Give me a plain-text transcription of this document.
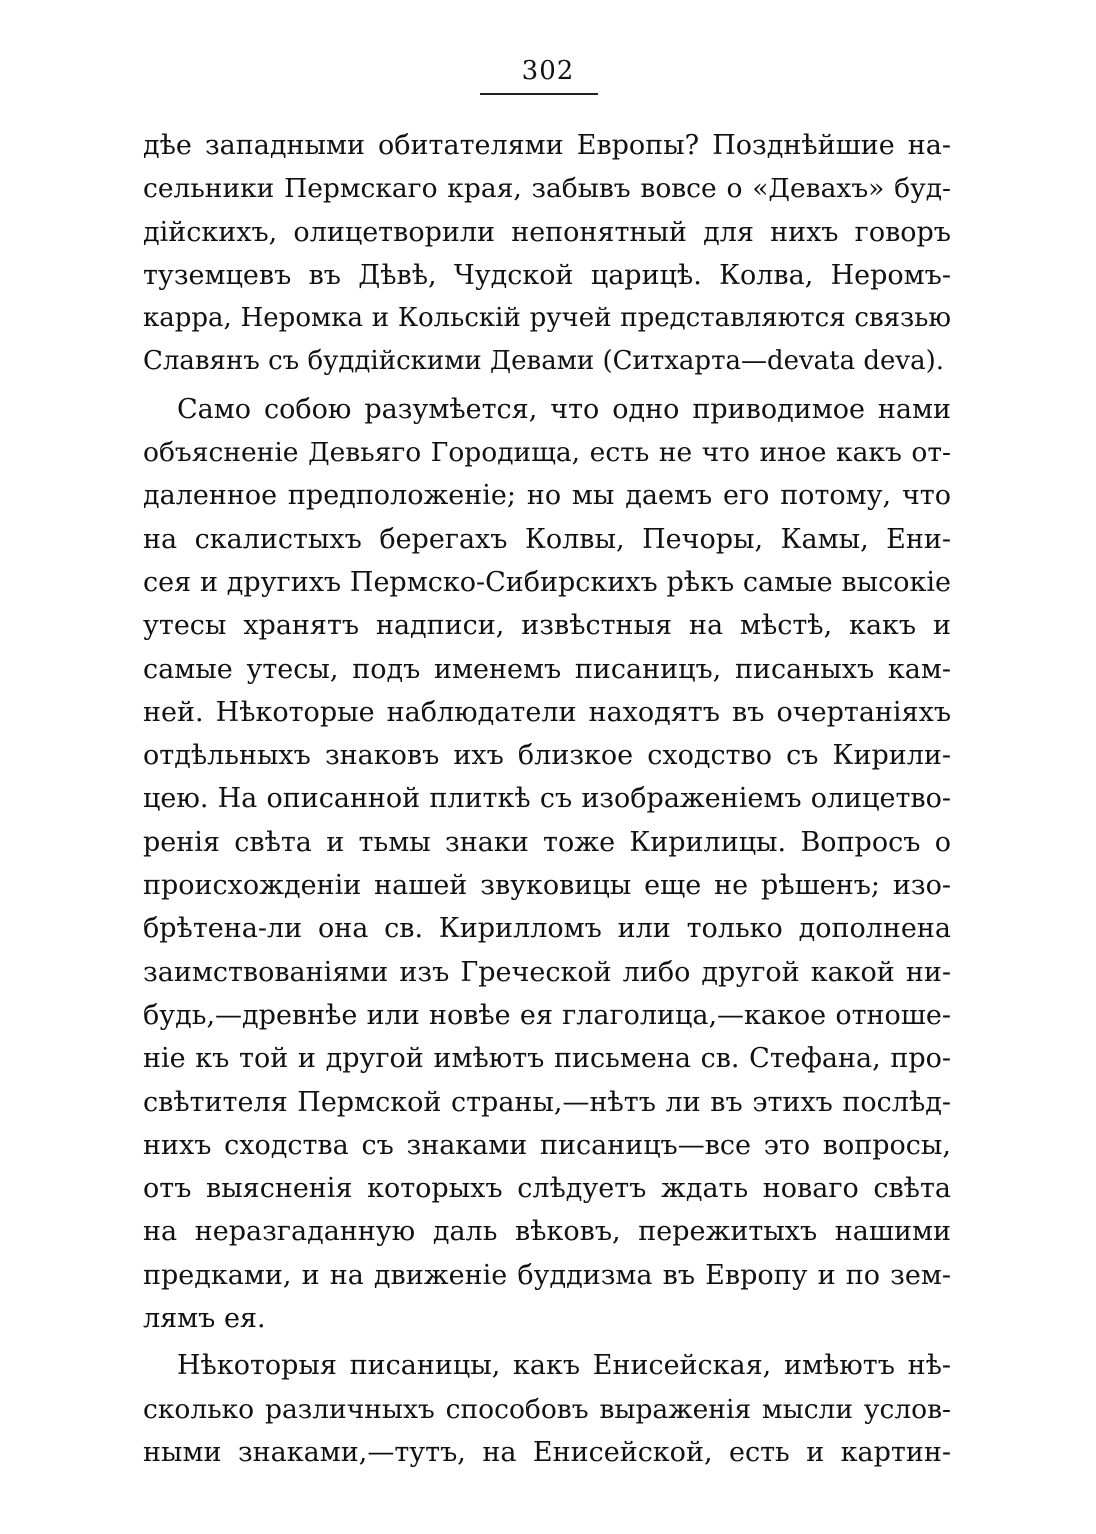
302
дѣе западными обитателями Европы? Позднѣйшие на-
сельники Пермскаго края, забывъ вовсе о «Девахъ» буд-
дійскихъ, олицетворили непонятный для нихъ говоръ
туземцевъ въ Дѣвѣ, Чудской царицѣ. Колва, Нeромъ-
карра, Нeромка и Кольскій ручей представляются связью
Славянъ съ буддійскими Девами (Ситхарта—devata deva).
Само собою разумѣется, что одно приводимое нами
объясненіе Девьяго Городища, есть не что иное какъ от-
даленное предположеніе; но мы даемъ его потому, что
на скалистыхъ берегахъ Колвы, Печоры, Камы, Ени-
сея и другихъ Пермско-Сибирскихъ рѣкъ самые высокіе
утесы хранятъ надписи, извѣстныя на мѣстѣ, какъ и
самые утесы, подъ именемъ писаницъ, писаныхъ кам-
ней. Нѣкоторые наблюдатели находятъ въ очертаніяхъ
отдѣльныхъ знаковъ ихъ близкое сходство съ Кирили-
цею. На описанной плиткѣ съ изображеніемъ олицетво-
ренія свѣта и тьмы знаки тоже Кирилицы. Вопросъ о
происхожденіи нашей звуковицы еще не рѣшенъ; изо-
брѣтена-ли она св. Кирилломъ или только дополнена
заимствованіями изъ Греческой либо другой какой ни-
будь,—древнѣе или новѣе ея глаголица,—какое отноше-
ніе къ той и другой имѣютъ письмена св. Стефана, про-
свѣтителя Пермской страны,—нѣтъ ли въ этихъ послѣд-
нихъ сходства съ знаками писаницъ—все это вопросы,
отъ выясненія которыхъ слѣдуетъ ждать новаго свѣта
на неразгаданную даль вѣковъ, пережитыхъ нашими
предками, и на движеніе буддизма въ Европу и по зем-
лямъ ея.
Нѣкоторыя писаницы, какъ Енисейская, имѣютъ нѣ-
сколько различныхъ способовъ выраженія мысли услов-
ными знаками,—тутъ, на Енисейской, есть и картин-
